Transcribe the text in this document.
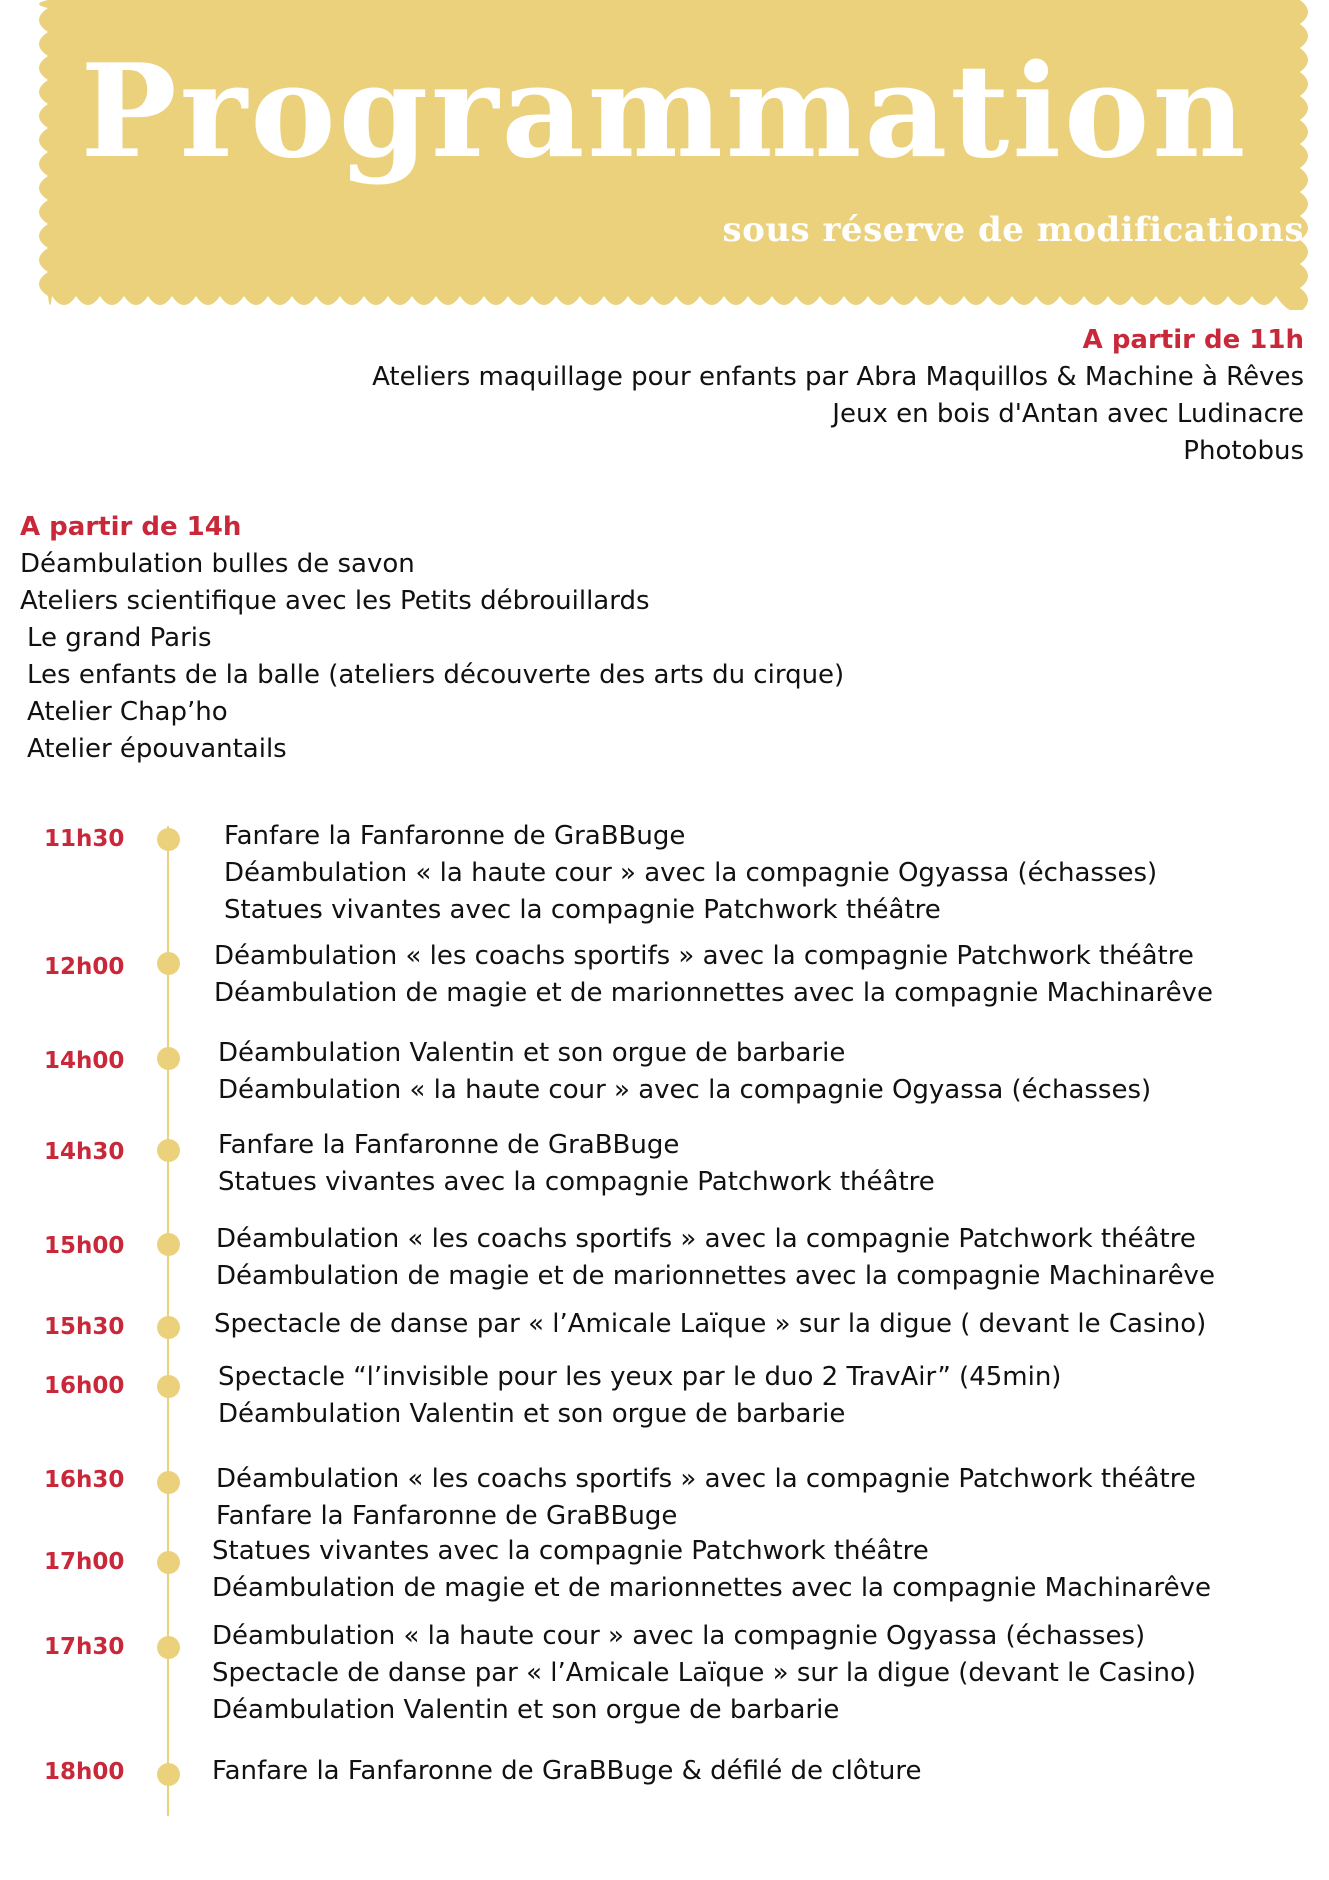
Programmation
sous réserve de modifications
A partir de 11h
Ateliers maquillage pour enfants par Abra Maquillos & Machine à Rêves
Jeux en bois d'Antan avec Ludinacre
Photobus
A partir de 14h
Déambulation bulles de savon
Ateliers scientifique avec les Petits débrouillards
Le grand Paris
Les enfants de la balle (ateliers découverte des arts du cirque)
Atelier Chap’ho
Atelier épouvantails
11h30	Fanfare la Fanfaronne de GraBBuge
Déambulation « la haute cour » avec la compagnie Ogyassa (échasses)
Statues vivantes avec la compagnie Patchwork théâtre
12h00	Déambulation « les coachs sportifs » avec la compagnie Patchwork théâtre
Déambulation de magie et de marionnettes avec la compagnie Machinarêve
14h00	Déambulation Valentin et son orgue de barbarie
Déambulation « la haute cour » avec la compagnie Ogyassa (échasses)
14h30	Fanfare la Fanfaronne de GraBBuge
Statues vivantes avec la compagnie Patchwork théâtre
15h00	Déambulation « les coachs sportifs » avec la compagnie Patchwork théâtre
Déambulation de magie et de marionnettes avec la compagnie Machinarêve
15h30	Spectacle de danse par « l’Amicale Laïque » sur la digue ( devant le Casino)
16h00	Spectacle “l’invisible pour les yeux par le duo 2 TravAir” (45min)
Déambulation Valentin et son orgue de barbarie
16h30	Déambulation « les coachs sportifs » avec la compagnie Patchwork théâtre
Fanfare la Fanfaronne de GraBBuge
17h00	Statues vivantes avec la compagnie Patchwork théâtre
Déambulation de magie et de marionnettes avec la compagnie Machinarêve
17h30	Déambulation « la haute cour » avec la compagnie Ogyassa (échasses)
Spectacle de danse par « l’Amicale Laïque » sur la digue (devant le Casino)
Déambulation Valentin et son orgue de barbarie
18h00	Fanfare la Fanfaronne de GraBBuge & défilé de clôture
